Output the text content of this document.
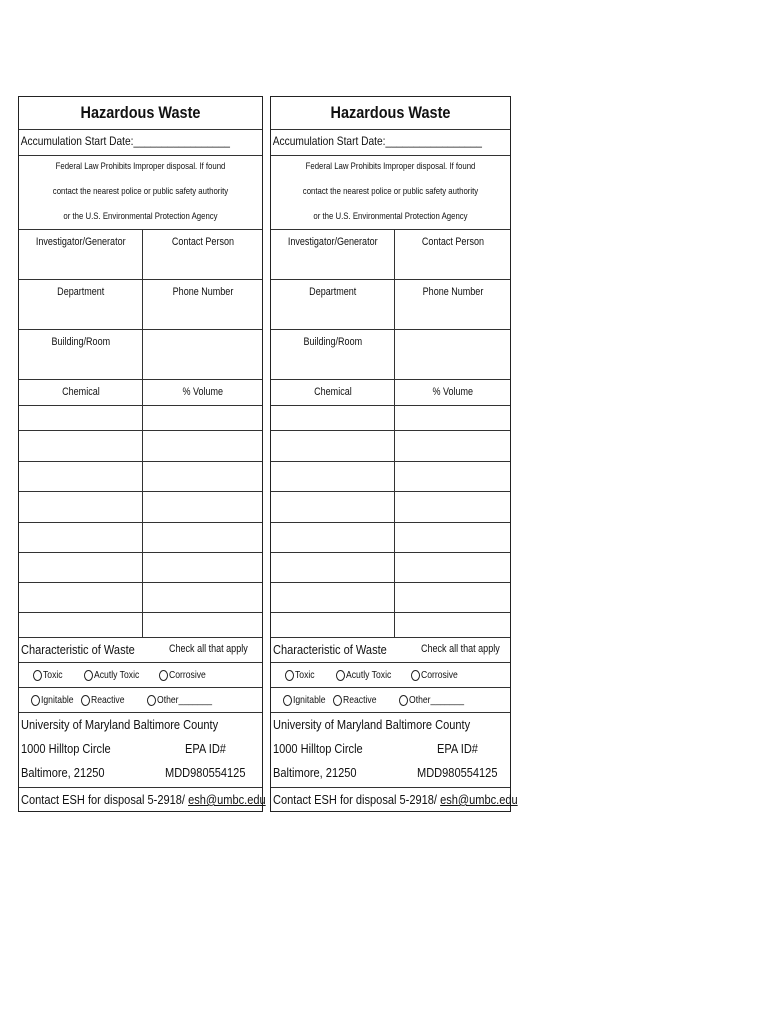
Hazardous Waste
Accumulation Start Date:_________________
Federal Law Prohibits Improper disposal. If found
contact the nearest police or public safety authority
or the U.S. Environmental Protection Agency
Investigator/Generator	Contact Person
Department	Phone Number
Building/Room
Chemical	% Volume
Characteristic of Waste	Check all that apply
Toxic	Acutly Toxic	Corrosive
Ignitable Reactive	Other_______
University of Maryland Baltimore County
1000 Hilltop Circle	EPA ID#
Baltimore, 21250	MDD980554125
Contact ESH for disposal 5-2918/ esh@umbc.edu
Hazardous Waste
Accumulation Start Date:_________________
Federal Law Prohibits Improper disposal. If found
contact the nearest police or public safety authority
or the U.S. Environmental Protection Agency
Investigator/Generator	Contact Person
Department	Phone Number
Building/Room
Chemical	% Volume
Characteristic of Waste	Check all that apply
Toxic	Acutly Toxic	Corrosive
Ignitable Reactive	Other_______
University of Maryland Baltimore County
1000 Hilltop Circle	EPA ID#
Baltimore, 21250	MDD980554125
Contact ESH for disposal 5-2918/ esh@umbc.edu
